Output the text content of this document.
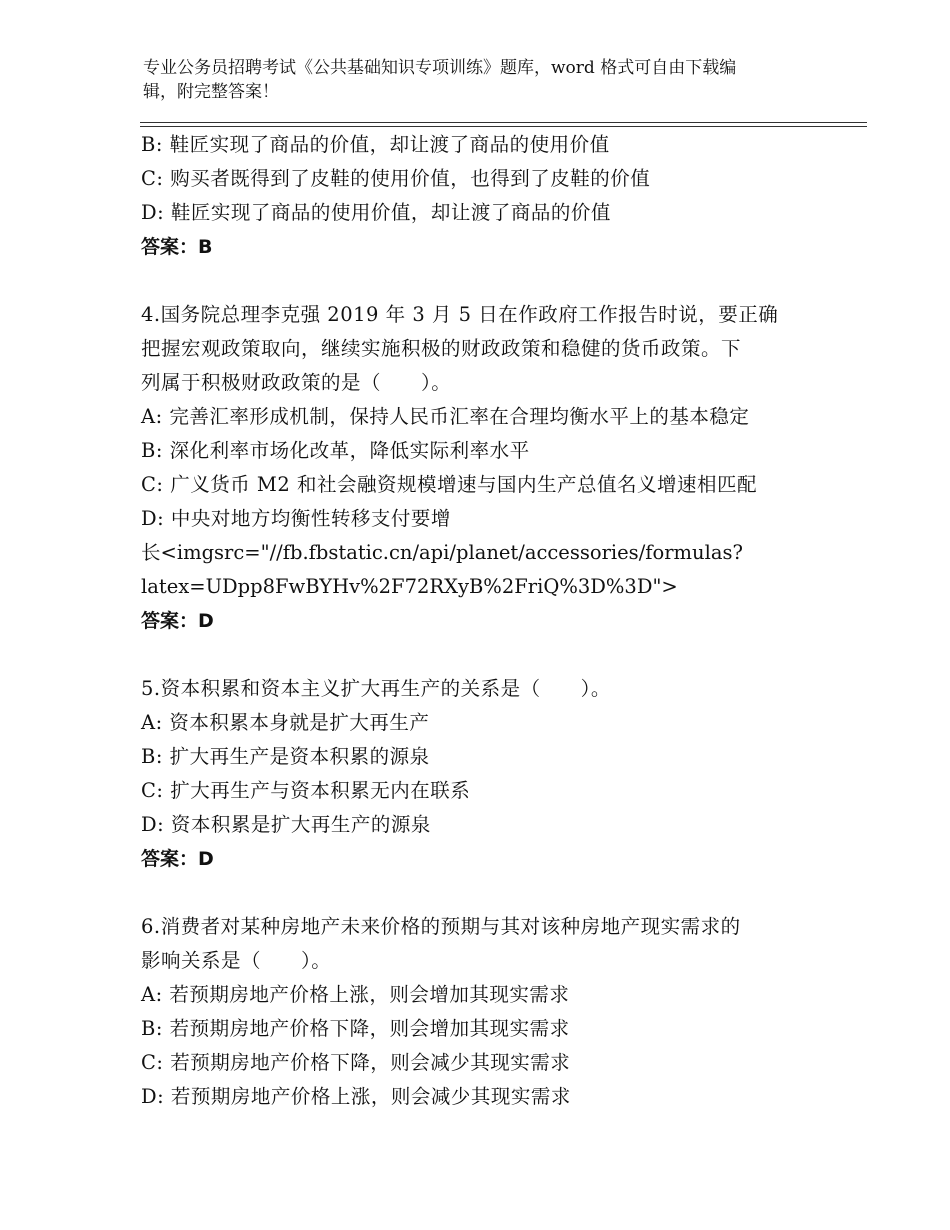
专业公务员招聘考试《公共基础知识专项训练》题库，word 格式可自由下载编
辑，附完整答案！
B: 鞋匠实现了商品的价值，却让渡了商品的使用价值
C: 购买者既得到了皮鞋的使用价值，也得到了皮鞋的价值
D: 鞋匠实现了商品的使用价值，却让渡了商品的价值
答案：B
4.国务院总理李克强 2019 年 3 月 5 日在作政府工作报告时说，要正确
把握宏观政策取向，继续实施积极的财政政策和稳健的货币政策。下
列属于积极财政政策的是（　　）。
A: 完善汇率形成机制，保持人民币汇率在合理均衡水平上的基本稳定
B: 深化利率市场化改革，降低实际利率水平
C: 广义货币 M2 和社会融资规模增速与国内生产总值名义增速相匹配
D: 中央对地方均衡性转移支付要增
长<imgsrc="//fb.fbstatic.cn/api/planet/accessories/formulas?
latex=UDpp8FwBYHv%2F72RXyB%2FriQ%3D%3D">
答案：D
5.资本积累和资本主义扩大再生产的关系是（　　）。
A: 资本积累本身就是扩大再生产
B: 扩大再生产是资本积累的源泉
C: 扩大再生产与资本积累无内在联系
D: 资本积累是扩大再生产的源泉
答案：D
6.消费者对某种房地产未来价格的预期与其对该种房地产现实需求的
影响关系是（　　）。
A: 若预期房地产价格上涨，则会增加其现实需求
B: 若预期房地产价格下降，则会增加其现实需求
C: 若预期房地产价格下降，则会减少其现实需求
D: 若预期房地产价格上涨，则会减少其现实需求
